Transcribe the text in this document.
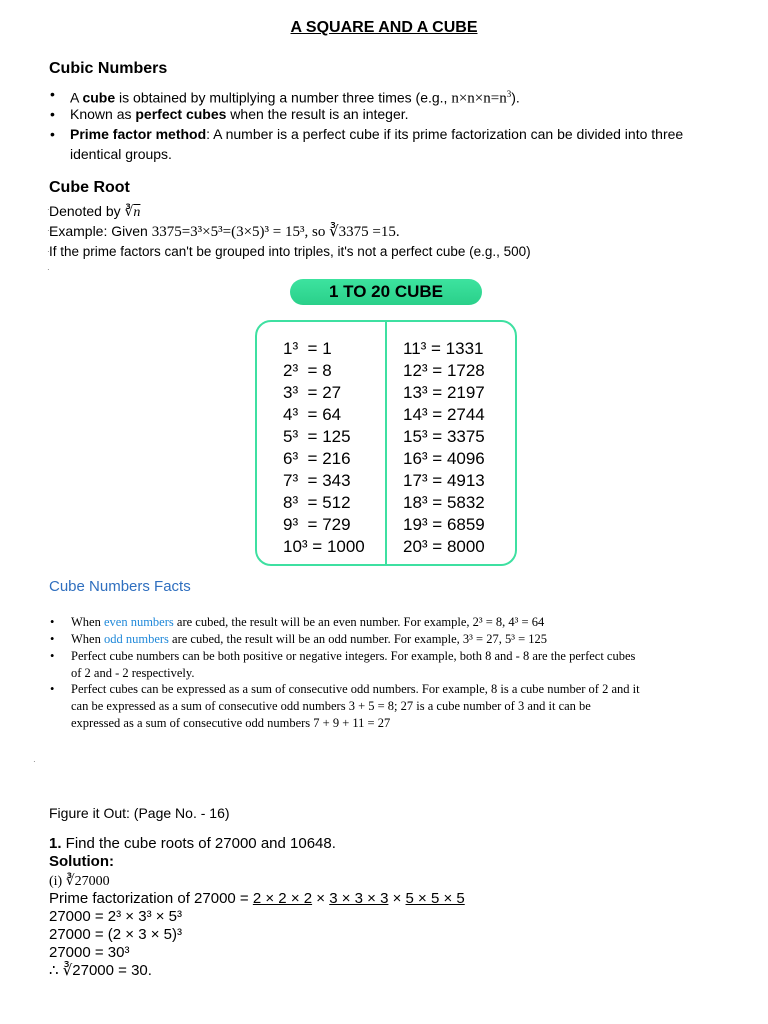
A SQUARE AND A CUBE
Cubic Numbers
• A cube is obtained by multiplying a number three times (e.g., $n\times n\times n=n^3$).
• Known as perfect cubes when the result is an integer.
• Prime factor method: A number is a perfect cube if its prime factorization can be divided into three
identical groups.
Cube Root
· Denoted by $∛\overline{n}$
· Example: Given 3375=3³×5³=(3×5)³ = 15³, so ∛3375 =15.
· If the prime factors can't be grouped into triples, it's not a perfect cube (e.g., 500)
·
1 TO 20 CUBE
1³  = 1
2³  = 8
3³  = 27
4³  = 64
5³  = 125
6³  = 216
7³  = 343
8³  = 512
9³  = 729
10³ = 1000
11³ = 1331
12³ = 1728
13³ = 2197
14³ = 2744
15³ = 3375
16³ = 4096
17³ = 4913
18³ = 5832
19³ = 6859
20³ = 8000
Cube Numbers Facts
• When even numbers are cubed, the result will be an even number. For example, 2³ = 8, 4³ = 64
• When odd numbers are cubed, the result will be an odd number. For example, 3³ = 27, 5³ = 125
• Perfect cube numbers can be both positive or negative integers. For example, both 8 and - 8 are the perfect cubes
of 2 and - 2 respectively.
• Perfect cubes can be expressed as a sum of consecutive odd numbers. For example, 8 is a cube number of 2 and it
can be expressed as a sum of consecutive odd numbers 3 + 5 = 8; 27 is a cube number of 3 and it can be
expressed as a sum of consecutive odd numbers 7 + 9 + 11 = 27
·
Figure it Out: (Page No. - 16)
1. Find the cube roots of 27000 and 10648.
Solution:
(i) ∛27000
Prime factorization of 27000 = 2 × 2 × 2 × 3 × 3 × 3 × 5 × 5 × 5
27000 = 2³ × 3³ × 5³
27000 = (2 × 3 × 5)³
27000 = 30³
∴ ∛27000 = 30.
